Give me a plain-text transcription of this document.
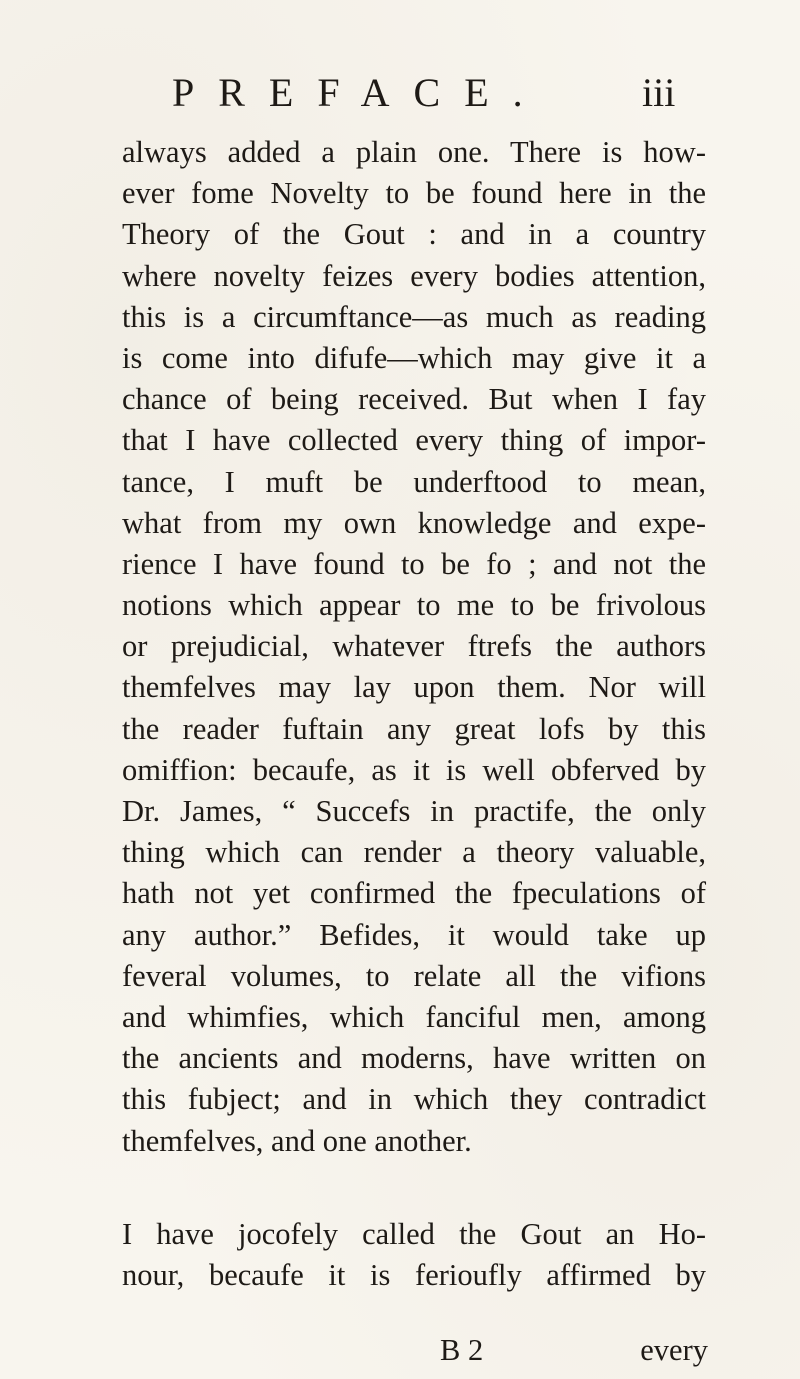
PREFACE. iii
always added a plain one. There is how-
ever fome Novelty to be found here in the
Theory of the Gout : and in a country
where novelty feizes every bodies attention,
this is a circumftance—as much as reading
is come into difufe—which may give it a
chance of being received. But when I fay
that I have collected every thing of impor-
tance, I muft be underftood to mean,
what from my own knowledge and expe-
rience I have found to be fo ; and not the
notions which appear to me to be frivolous
or prejudicial, whatever ftrefs the authors
themfelves may lay upon them. Nor will
the reader fuftain any great lofs by this
omiffion: becaufe, as it is well obferved by
Dr. James, “ Succefs in practife, the only
thing which can render a theory valuable,
hath not yet confirmed the fpeculations of
any author.” Befides, it would take up
feveral volumes, to relate all the vifions
and whimfies, which fanciful men, among
the ancients and moderns, have written on
this fubject; and in which they contradict
themfelves, and one another.
I have jocofely called the Gout an Ho-
nour, becaufe it is ferioufly affirmed by
B 2	every
